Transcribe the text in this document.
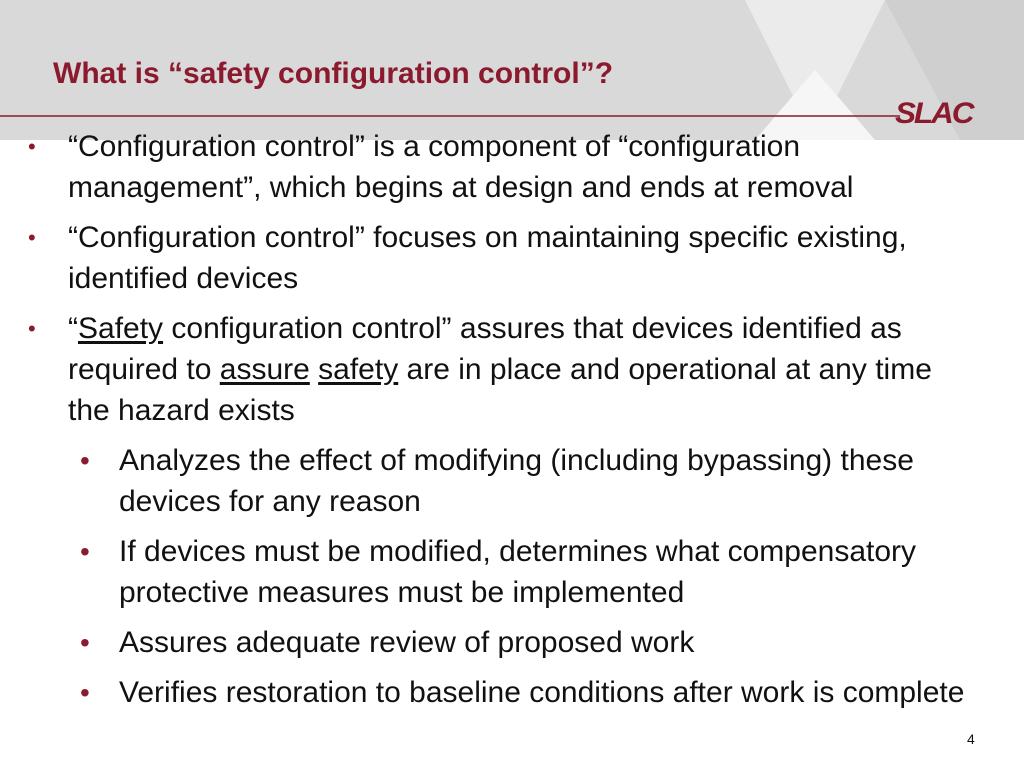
What is “safety configuration control”?
SLAC
• “Configuration control” is a component of “configuration management”, which begins at design and ends at removal
• “Configuration control” focuses on maintaining specific existing, identified devices
• “Safety configuration control” assures that devices identified as required to assure safety are in place and operational at any time the hazard exists
• Analyzes the effect of modifying (including bypassing) these devices for any reason
• If devices must be modified, determines what compensatory protective measures must be implemented
• Assures adequate review of proposed work
• Verifies restoration to baseline conditions after work is complete
4
